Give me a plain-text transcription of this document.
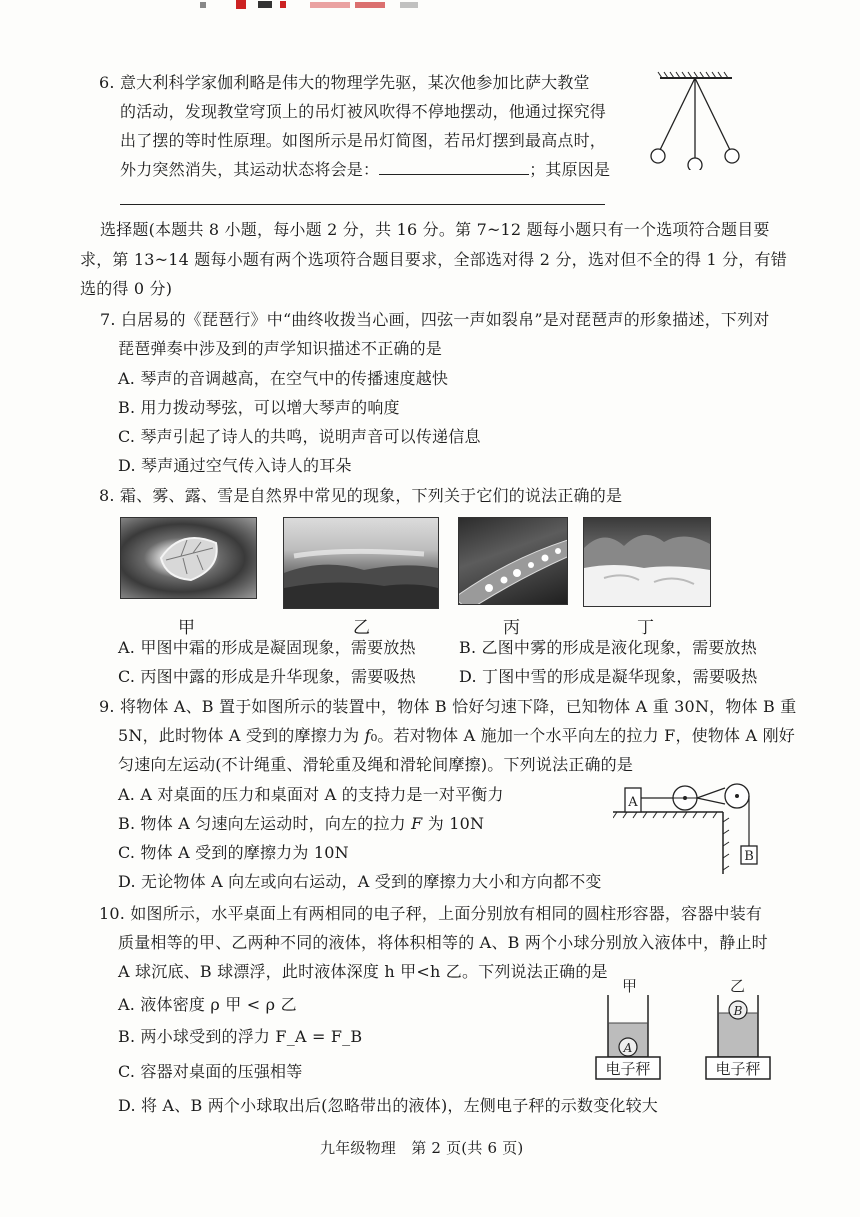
6. 意大利科学家伽利略是伟大的物理学先驱，某次他参加比萨大教堂
的活动，发现教堂穹顶上的吊灯被风吹得不停地摆动，他通过探究得
出了摆的等时性原理。如图所示是吊灯简图，若吊灯摆到最高点时，
外力突然消失，其运动状态将会是：	；其原因是
选择题(本题共 8 小题，每小题 2 分，共 16 分。第 7~12 题每小题只有一个选项符合题目要
求，第 13~14 题每小题有两个选项符合题目要求，全部选对得 2 分，选对但不全的得 1 分，有错
选的得 0 分)
7. 白居易的《琵琶行》中“曲终收拨当心画，四弦一声如裂帛”是对琵琶声的形象描述，下列对
琵琶弹奏中涉及到的声学知识描述不正确的是
A. 琴声的音调越高，在空气中的传播速度越快
B. 用力拨动琴弦，可以增大琴声的响度
C. 琴声引起了诗人的共鸣，说明声音可以传递信息
D. 琴声通过空气传入诗人的耳朵
8. 霜、雾、露、雪是自然界中常见的现象，下列关于它们的说法正确的是
甲	乙	丙	丁
A. 甲图中霜的形成是凝固现象，需要放热	B. 乙图中雾的形成是液化现象，需要放热
C. 丙图中露的形成是升华现象，需要吸热	D. 丁图中雪的形成是凝华现象，需要吸热
9. 将物体 A、B 置于如图所示的装置中，物体 B 恰好匀速下降，已知物体 A 重 30N，物体 B 重
5N，此时物体 A 受到的摩擦力为 f₀。若对物体 A 施加一个水平向左的拉力 F，使物体 A 刚好
匀速向左运动(不计绳重、滑轮重及绳和滑轮间摩擦)。下列说法正确的是
A. A 对桌面的压力和桌面对 A 的支持力是一对平衡力
B. 物体 A 匀速向左运动时，向左的拉力 F 为 10N
C. 物体 A 受到的摩擦力为 10N
D. 无论物体 A 向左或向右运动，A 受到的摩擦力大小和方向都不变
A
B
10. 如图所示，水平桌面上有两相同的电子秤，上面分别放有相同的圆柱形容器，容器中装有
质量相等的甲、乙两种不同的液体，将体积相等的 A、B 两个小球分别放入液体中，静止时
A 球沉底、B 球漂浮，此时液体深度 h 甲<h 乙。下列说法正确的是
A. 液体密度 ρ 甲 < ρ 乙
B. 两小球受到的浮力 F_A = F_B
C. 容器对桌面的压强相等
D. 将 A、B 两个小球取出后(忽略带出的液体)，左侧电子秤的示数变化较大
甲	乙
A
电子秤
B
电子秤
九年级物理　第 2 页(共 6 页)
